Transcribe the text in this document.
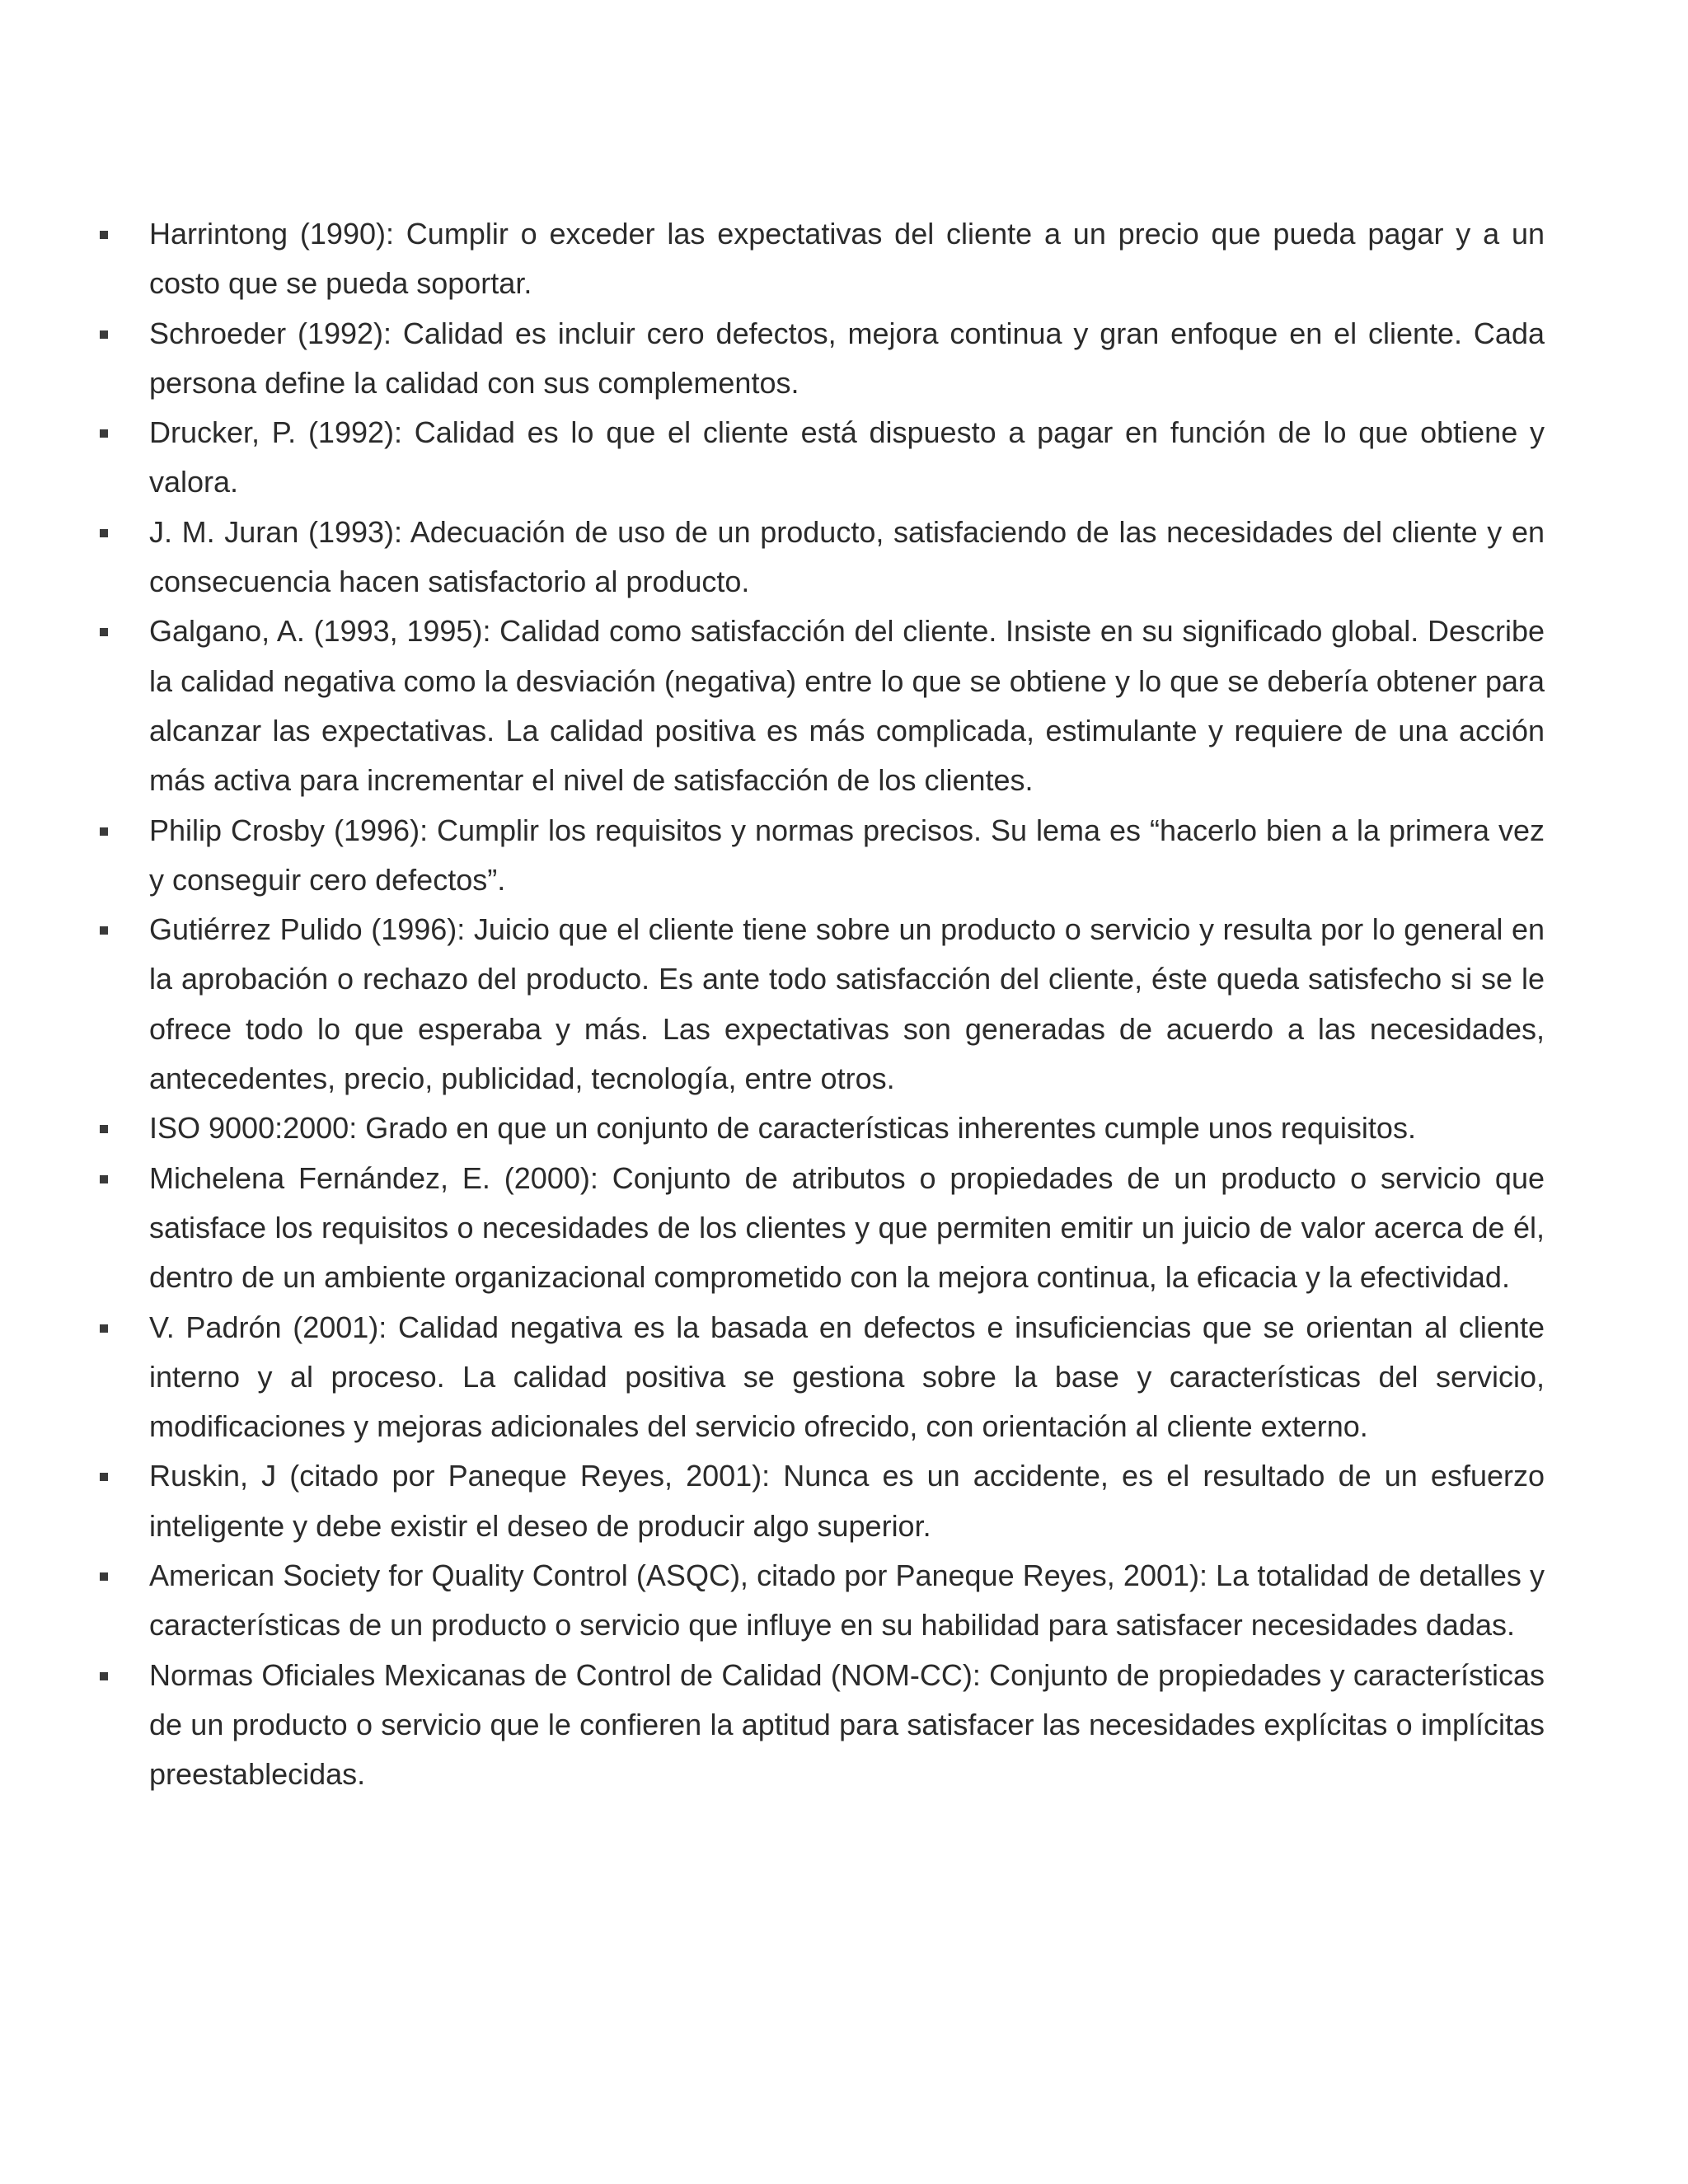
Harrintong (1990): Cumplir o exceder las expectativas del cliente a un precio que pueda pagar y a un costo que se pueda soportar.
Schroeder (1992): Calidad es incluir cero defectos, mejora continua y gran enfoque en el cliente. Cada persona define la calidad con sus complementos.
Drucker, P. (1992): Calidad es lo que el cliente está dispuesto a pagar en función de lo que obtiene y valora.
J. M. Juran (1993): Adecuación de uso de un producto, satisfaciendo de las necesidades del cliente y en consecuencia hacen satisfactorio al producto.
Galgano, A. (1993, 1995): Calidad como satisfacción del cliente. Insiste en su significado global. Describe la calidad negativa como la desviación (negativa) entre lo que se obtiene y lo que se debería obtener para alcanzar las expectativas. La calidad positiva es más complicada, estimulante y requiere de una acción más activa para incrementar el nivel de satisfacción de los clientes.
Philip Crosby (1996): Cumplir los requisitos y normas precisos. Su lema es “hacerlo bien a la primera vez y conseguir cero defectos”.
Gutiérrez Pulido (1996): Juicio que el cliente tiene sobre un producto o servicio y resulta por lo general en la aprobación o rechazo del producto. Es ante todo satisfacción del cliente, éste queda satisfecho si se le ofrece todo lo que esperaba y más. Las expectativas son generadas de acuerdo a las necesidades, antecedentes, precio, publicidad, tecnología, entre otros.
ISO 9000:2000: Grado en que un conjunto de características inherentes cumple unos requisitos.
Michelena Fernández, E. (2000): Conjunto de atributos o propiedades de un producto o servicio que satisface los requisitos o necesidades de los clientes y que permiten emitir un juicio de valor acerca de él, dentro de un ambiente organizacional comprometido con la mejora continua, la eficacia y la efectividad.
V. Padrón (2001): Calidad negativa es la basada en defectos e insuficiencias que se orientan al cliente interno y al proceso. La calidad positiva se gestiona sobre la base y características del servicio, modificaciones y mejoras adicionales del servicio ofrecido, con orientación al cliente externo.
Ruskin, J (citado por Paneque Reyes, 2001): Nunca es un accidente, es el resultado de un esfuerzo inteligente y debe existir el deseo de producir algo superior.
American Society for Quality Control (ASQC), citado por Paneque Reyes, 2001): La totalidad de detalles y características de un producto o servicio que influye en su habilidad para satisfacer necesidades dadas.
Normas Oficiales Mexicanas de Control de Calidad (NOM-CC): Conjunto de propiedades y características de un producto o servicio que le confieren la aptitud para satisfacer las necesidades explícitas o implícitas preestablecidas.
